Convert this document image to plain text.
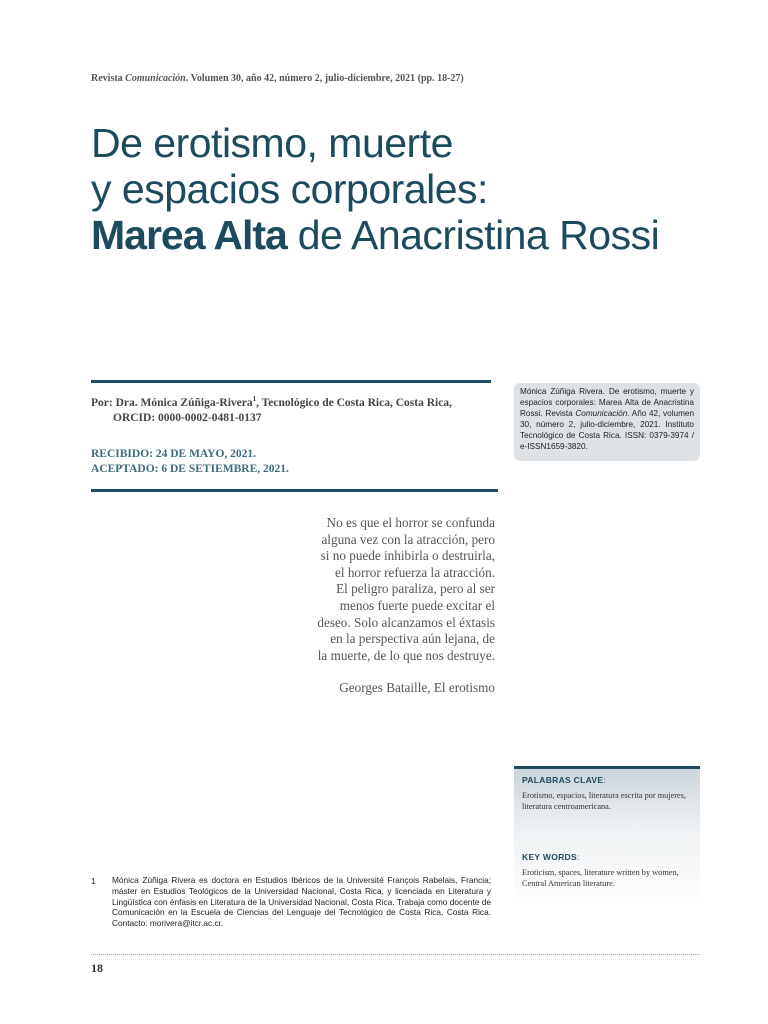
Revista Comunicación. Volumen 30, año 42, número 2, julio-diciembre, 2021 (pp. 18-27)
De erotismo, muerte
y espacios corporales:
Marea Alta de Anacristina Rossi
Por: Dra. Mónica Zúñiga-Rivera$^1$, Tecnológico de Costa Rica, Costa Rica,
ORCID: 0000-0002-0481-0137
RECIBIDO: 24 DE MAYO, 2021.
ACEPTADO: 6 DE SETIEMBRE, 2021.
Mónica Zúñiga Rivera. De erotismo, muerte y espacios corporales: Marea Alta de Anacristina Rossi. Revista Comunicación. Año 42, volumen 30, número 2, julio-diciembre, 2021. Instituto Tecnológico de Costa Rica. ISSN: 0379-3974 / e-ISSN1659-3820.
No es que el horror se confunda
alguna vez con la atracción, pero
si no puede inhibirla o destruirla,
el horror refuerza la atracción.
El peligro paraliza, pero al ser
menos fuerte puede excitar el
deseo. Solo alcanzamos el éxtasis
en la perspectiva aún lejana, de
la muerte, de lo que nos destruye.
Georges Bataille, El erotismo
PALABRAS CLAVE:
Erotismo, espacios, literatura escrita por mujeres, literatura centroamericana.
KEY WORDS:
Eroticism, spaces, literature written by women, Central American literature.
1 Mónica Zúñiga Rivera es doctora en Estudios Ibéricos de la Université François Rabelais, Francia; máster en Estudios Teológicos de la Universidad Nacional, Costa Rica, y licenciada en Literatura y Lingüística con énfasis en Literatura de la Universidad Nacional, Costa Rica. Trabaja como docente de Comunicación en la Escuela de Ciencias del Lenguaje del Tecnológico de Costa Rica, Costa Rica. Contacto: morivera@itcr.ac.cr.
18
